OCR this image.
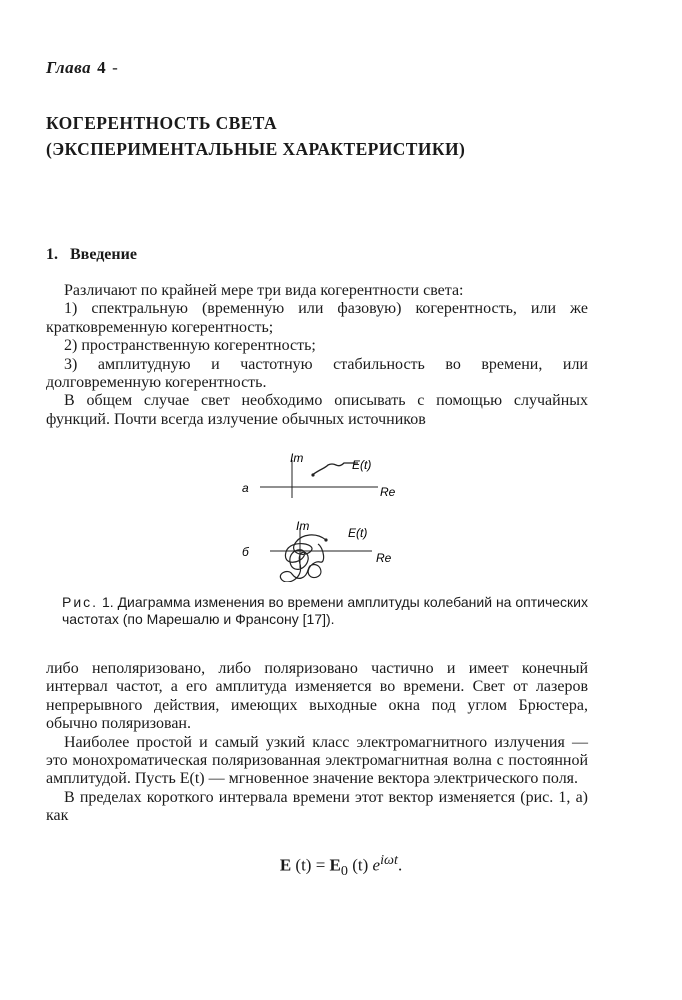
Глава 4 -
КОГЕРЕНТНОСТЬ СВЕТА
(ЭКСПЕРИМЕНТАЛЬНЫЕ ХАРАКТЕРИСТИКИ)
1. Введение

Различают по крайней мере три вида когерентности света:

1) спектральную (временну́ю или фазовую) когерентность, или же кратковременную когерентность;

2) пространственную когерентность;

3) амплитудную и частотную стабильность во времени, или долговременную когерентность.

В общем случае свет необходимо описывать с помощью случайных функций. Почти всегда излучение обычных источников

а
Im
Re
E(t)
б
Im
Re
E(t)
Рис. 1. Диаграмма изменения во времени амплитуды колебаний на оптических частотах (по Марешалю и Франсону [17]).

либо неполяризовано, либо поляризовано частично и имеет конечный интервал частот, а его амплитуда изменяется во времени. Свет от лазеров непрерывного действия, имеющих выходные окна под углом Брюстера, обычно поляризован.

Наиболее простой и самый узкий класс электромагнитного излучения — это монохроматическая поляризованная электромагнитная волна с постоянной амплитудой. Пусть E(t) — мгновенное значение вектора электрического поля.

В пределах короткого интервала времени этот вектор изменяется (рис. 1, а) как

E $(t) = E_0$ (t) $e^{i\omega t}$.
